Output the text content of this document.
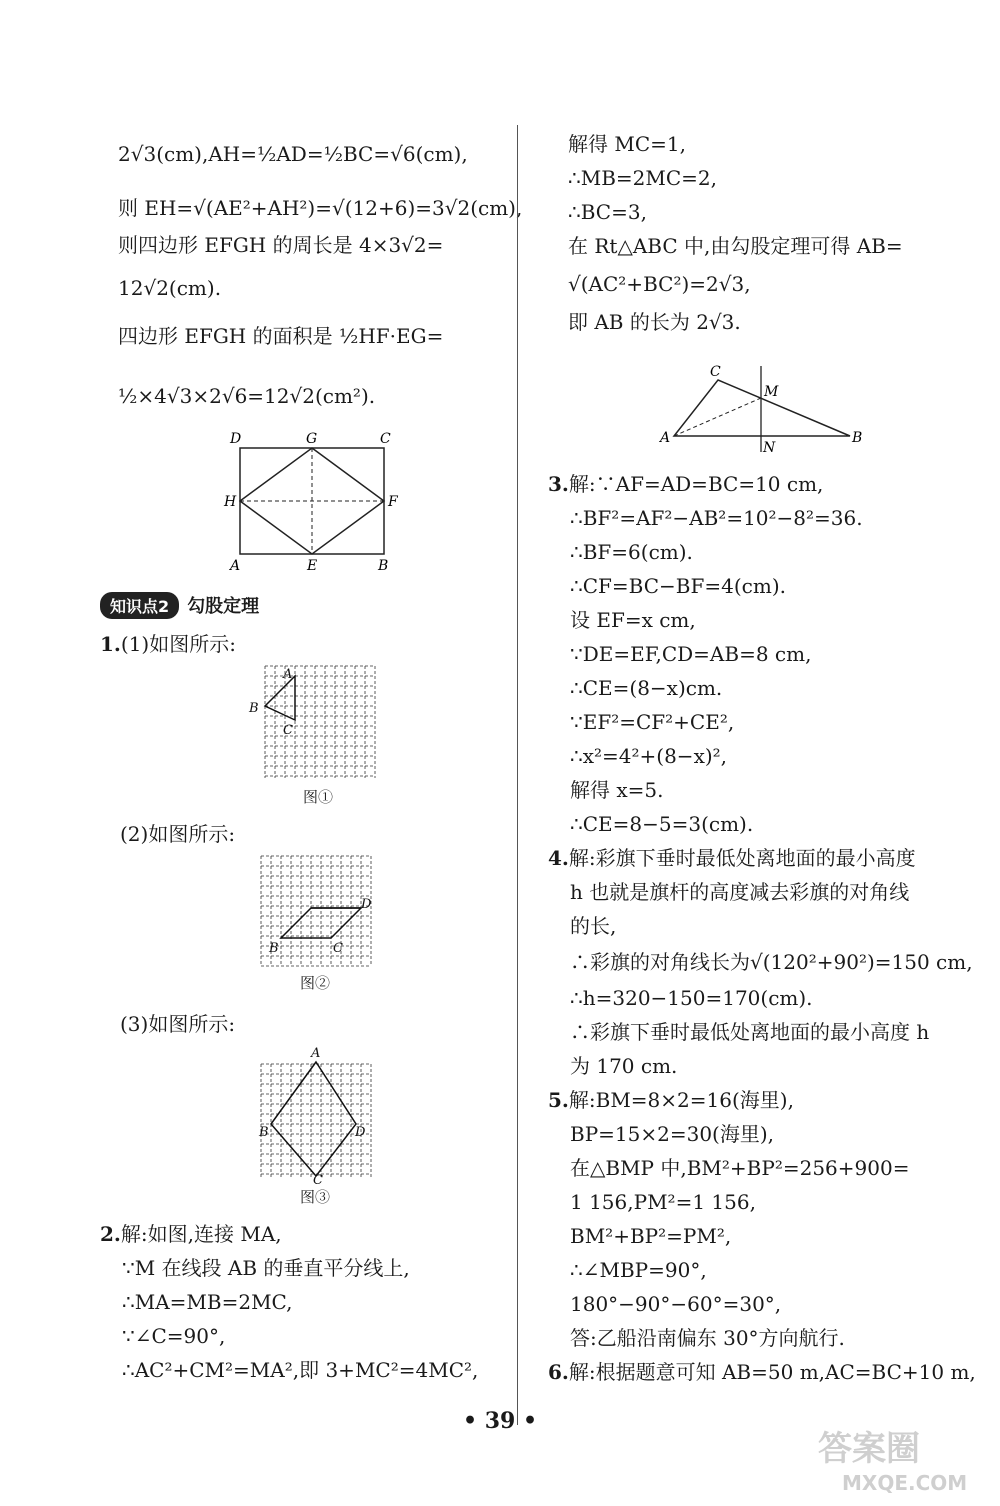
2√3(cm),AH=½AD=½BC=√6(cm),
则 EH=√(AE²+AH²)=√(12+6)=3√2(cm),
则四边形 EFGH 的周长是 4×3√2=
12√2(cm).
四边形 EFGH 的面积是 ½HF·EG=
½×4√3×2√6=12√2(cm²).
D	G	C
H	F
A	E	B
知识点2	勾股定理
1.(1)如图所示:
A
B
C
图①
(2)如图所示:
B	C
D
图②
(3)如图所示:
A
B
C
D
图③
2.解:如图,连接 MA,
∵M 在线段 AB 的垂直平分线上,
∴MA=MB=2MC,
∵∠C=90°,
∴AC²+CM²=MA²,即 3+MC²=4MC²,
解得 MC=1,
∴MB=2MC=2,
∴BC=3,
在 Rt△ABC 中,由勾股定理可得 AB=
√(AC²+BC²)=2√3,
即 AB 的长为 2√3.
C
M
A
N
B
3.解:∵AF=AD=BC=10 cm,
∴BF²=AF²−AB²=10²−8²=36.
∴BF=6(cm).
∴CF=BC−BF=4(cm).
设 EF=x cm,
∵DE=EF,CD=AB=8 cm,
∴CE=(8−x)cm.
∵EF²=CF²+CE²,
∴x²=4²+(8−x)²,
解得 x=5.
∴CE=8−5=3(cm).
4.解:彩旗下垂时最低处离地面的最小高度
h 也就是旗杆的高度减去彩旗的对角线
的长,
∴彩旗的对角线长为√(120²+90²)=150 cm,
∴h=320−150=170(cm).
∴彩旗下垂时最低处离地面的最小高度 h
为 170 cm.
5.解:BM=8×2=16(海里),
BP=15×2=30(海里),
在△BMP 中,BM²+BP²=256+900=
1 156,PM²=1 156,
BM²+BP²=PM²,
∴∠MBP=90°,
180°−90°−60°=30°,
答:乙船沿南偏东 30°方向航行.
6.解:根据题意可知 AB=50 m,AC=BC+10 m,
• 39 •
答案圈
MXQE.COM
